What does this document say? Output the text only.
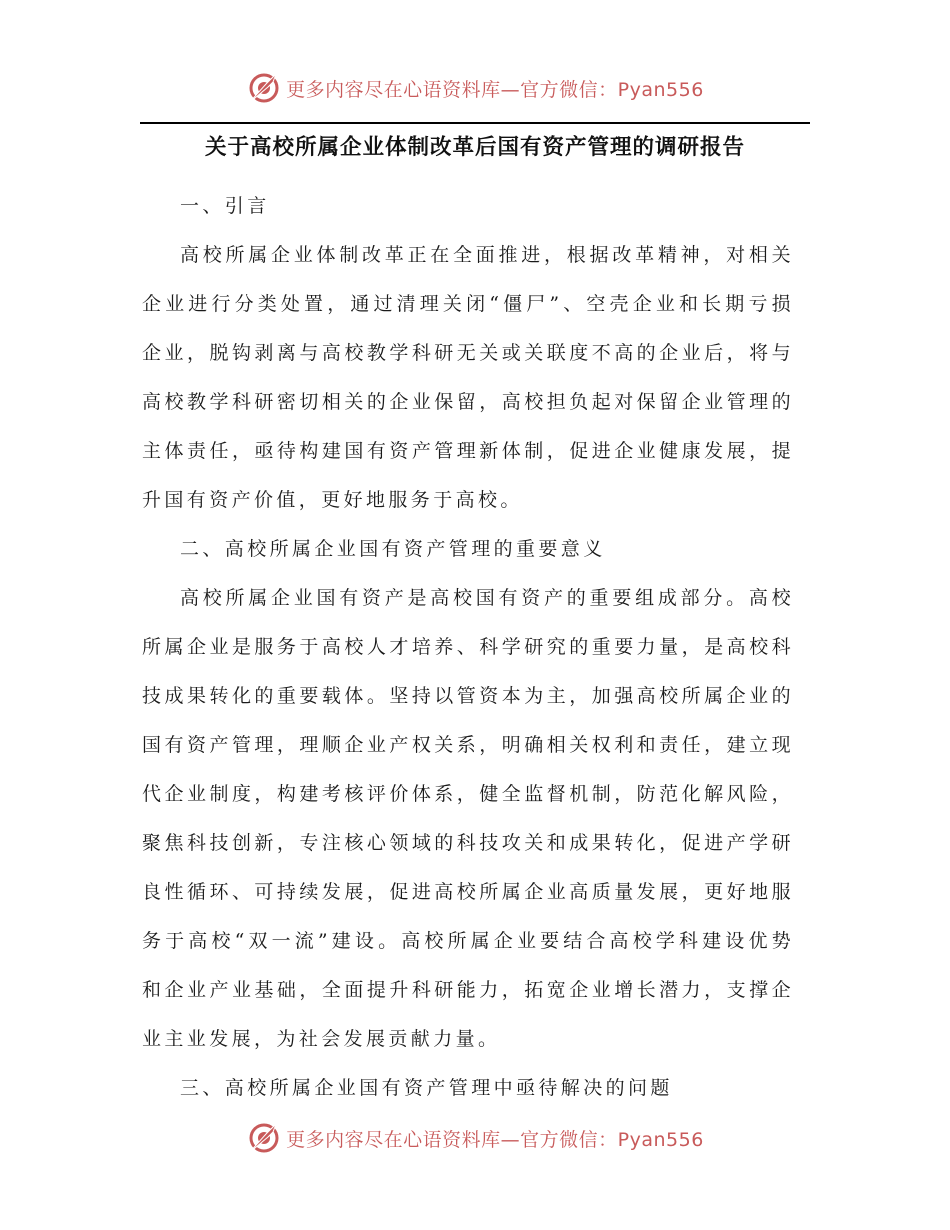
更多内容尽在心语资料库—官方微信：Pyan556
关于高校所属企业体制改革后国有资产管理的调研报告

一、引言

高校所属企业体制改革正在全面推进，根据改革精神，对相关企业进行分类处置，通过清理关闭“僵尸”、空壳企业和长期亏损企业，脱钩剥离与高校教学科研无关或关联度不高的企业后，将与高校教学科研密切相关的企业保留，高校担负起对保留企业管理的主体责任，亟待构建国有资产管理新体制，促进企业健康发展，提升国有资产价值，更好地服务于高校。

二、高校所属企业国有资产管理的重要意义

高校所属企业国有资产是高校国有资产的重要组成部分。高校所属企业是服务于高校人才培养、科学研究的重要力量，是高校科技成果转化的重要载体。坚持以管资本为主，加强高校所属企业的国有资产管理，理顺企业产权关系，明确相关权利和责任，建立现代企业制度，构建考核评价体系，健全监督机制，防范化解风险，聚焦科技创新，专注核心领域的科技攻关和成果转化，促进产学研良性循环、可持续发展，促进高校所属企业高质量发展，更好地服务于高校“双一流”建设。高校所属企业要结合高校学科建设优势和企业产业基础，全面提升科研能力，拓宽企业增长潜力，支撑企业主业发展，为社会发展贡献力量。

三、高校所属企业国有资产管理中亟待解决的问题

更多内容尽在心语资料库—官方微信：Pyan556
